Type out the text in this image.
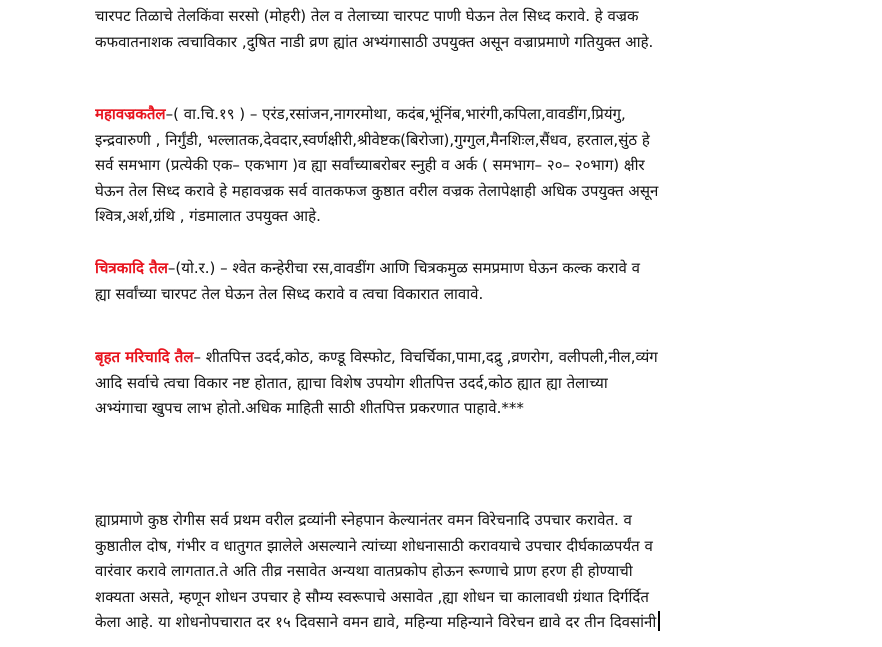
चारपट तिळाचे तेलकिंवा सरसो (मोहरी) तेल व तेलाच्या चारपट पाणी घेऊन तेल सिध्द करावे. हे वज्रक
कफवातनाशक त्वचाविकार ,दुषित नाडी व्रण ह्यांत अभ्यंगासाठी उपयुक्त असून वज्राप्रमाणे गतियुक्त आहे.

महावज्रकतैल–( वा.चि.१९ ) – एरंड,रसांजन,नागरमोथा, कदंब,भूंनिंब,भारंगी,कपिला,वावडींग,प्रियंगु,
इन्द्रवारुणी , निर्गुंडी, भल्लातक,देवदार,स्वर्णक्षीरी,श्रीवेष्टक(बिरोजा),गुग्गुल,मैनशिःल,सैंधव, हरताल,सुंठ हे
सर्व समभाग (प्रत्येकी एक– एकभाग )व ह्या सर्वांच्याबरोबर स्नुही व अर्क ( समभाग– २०– २०भाग) क्षीर
घेऊन तेल सिध्द करावे हे महावज्रक सर्व वातकफज कुष्ठात वरील वज्रक तेलापेक्षाही अधिक उपयुक्त असून
श्वित्र,अर्श,ग्रंथि , गंडमालात उपयुक्त आहे.

चित्रकादि तैल–(यो.र.) – श्वेत कन्हेरीचा रस,वावडींग आणि चित्रकमुळ समप्रमाण घेऊन कल्क करावे व
ह्या सर्वांच्या चारपट तेल घेऊन तेल सिध्द करावे व त्वचा विकारात लावावे.

बृहत मरिचादि तैल– शीतपित्त उदर्द,कोठ, कण्डू विस्फोट, विचर्चिका,पामा,दद्रु ,व्रणरोग, वलीपली,नील,व्यंग
आदि सर्वाचे त्वचा विकार नष्ट होतात, ह्याचा विशेष उपयोग शीतपित्त उदर्द,कोठ ह्यात ह्या तेलाच्या
अभ्यंगाचा खुपच लाभ होतो.अधिक माहिती साठी शीतपित्त प्रकरणात पाहावे.***

ह्याप्रमाणे कुष्ठ रोगीस सर्व प्रथम वरील द्रव्यांनी स्नेहपान केल्यानंतर वमन विरेचनादि उपचार करावेत. व
कुष्ठातील दोष, गंभीर व धातुगत झालेले असल्याने त्यांच्या शोधनासाठी करावयाचे उपचार दीर्घकाळपर्यंत व
वारंवार करावे लागतात.ते अति तीव्र नसावेत अन्यथा वातप्रकोप होऊन रूग्णाचे प्राण हरण ही होण्याची
शक्यता असते, म्हणून शोधन उपचार हे सौम्य स्वरूपाचे असावेत ,ह्या शोधन चा कालावधी ग्रंथात दिर्गर्दित
केला आहे. या शोधनोपचारात दर १५ दिवसाने वमन द्यावे, महिन्या महिन्याने विरेचन द्यावे दर तीन दिवसांनी
